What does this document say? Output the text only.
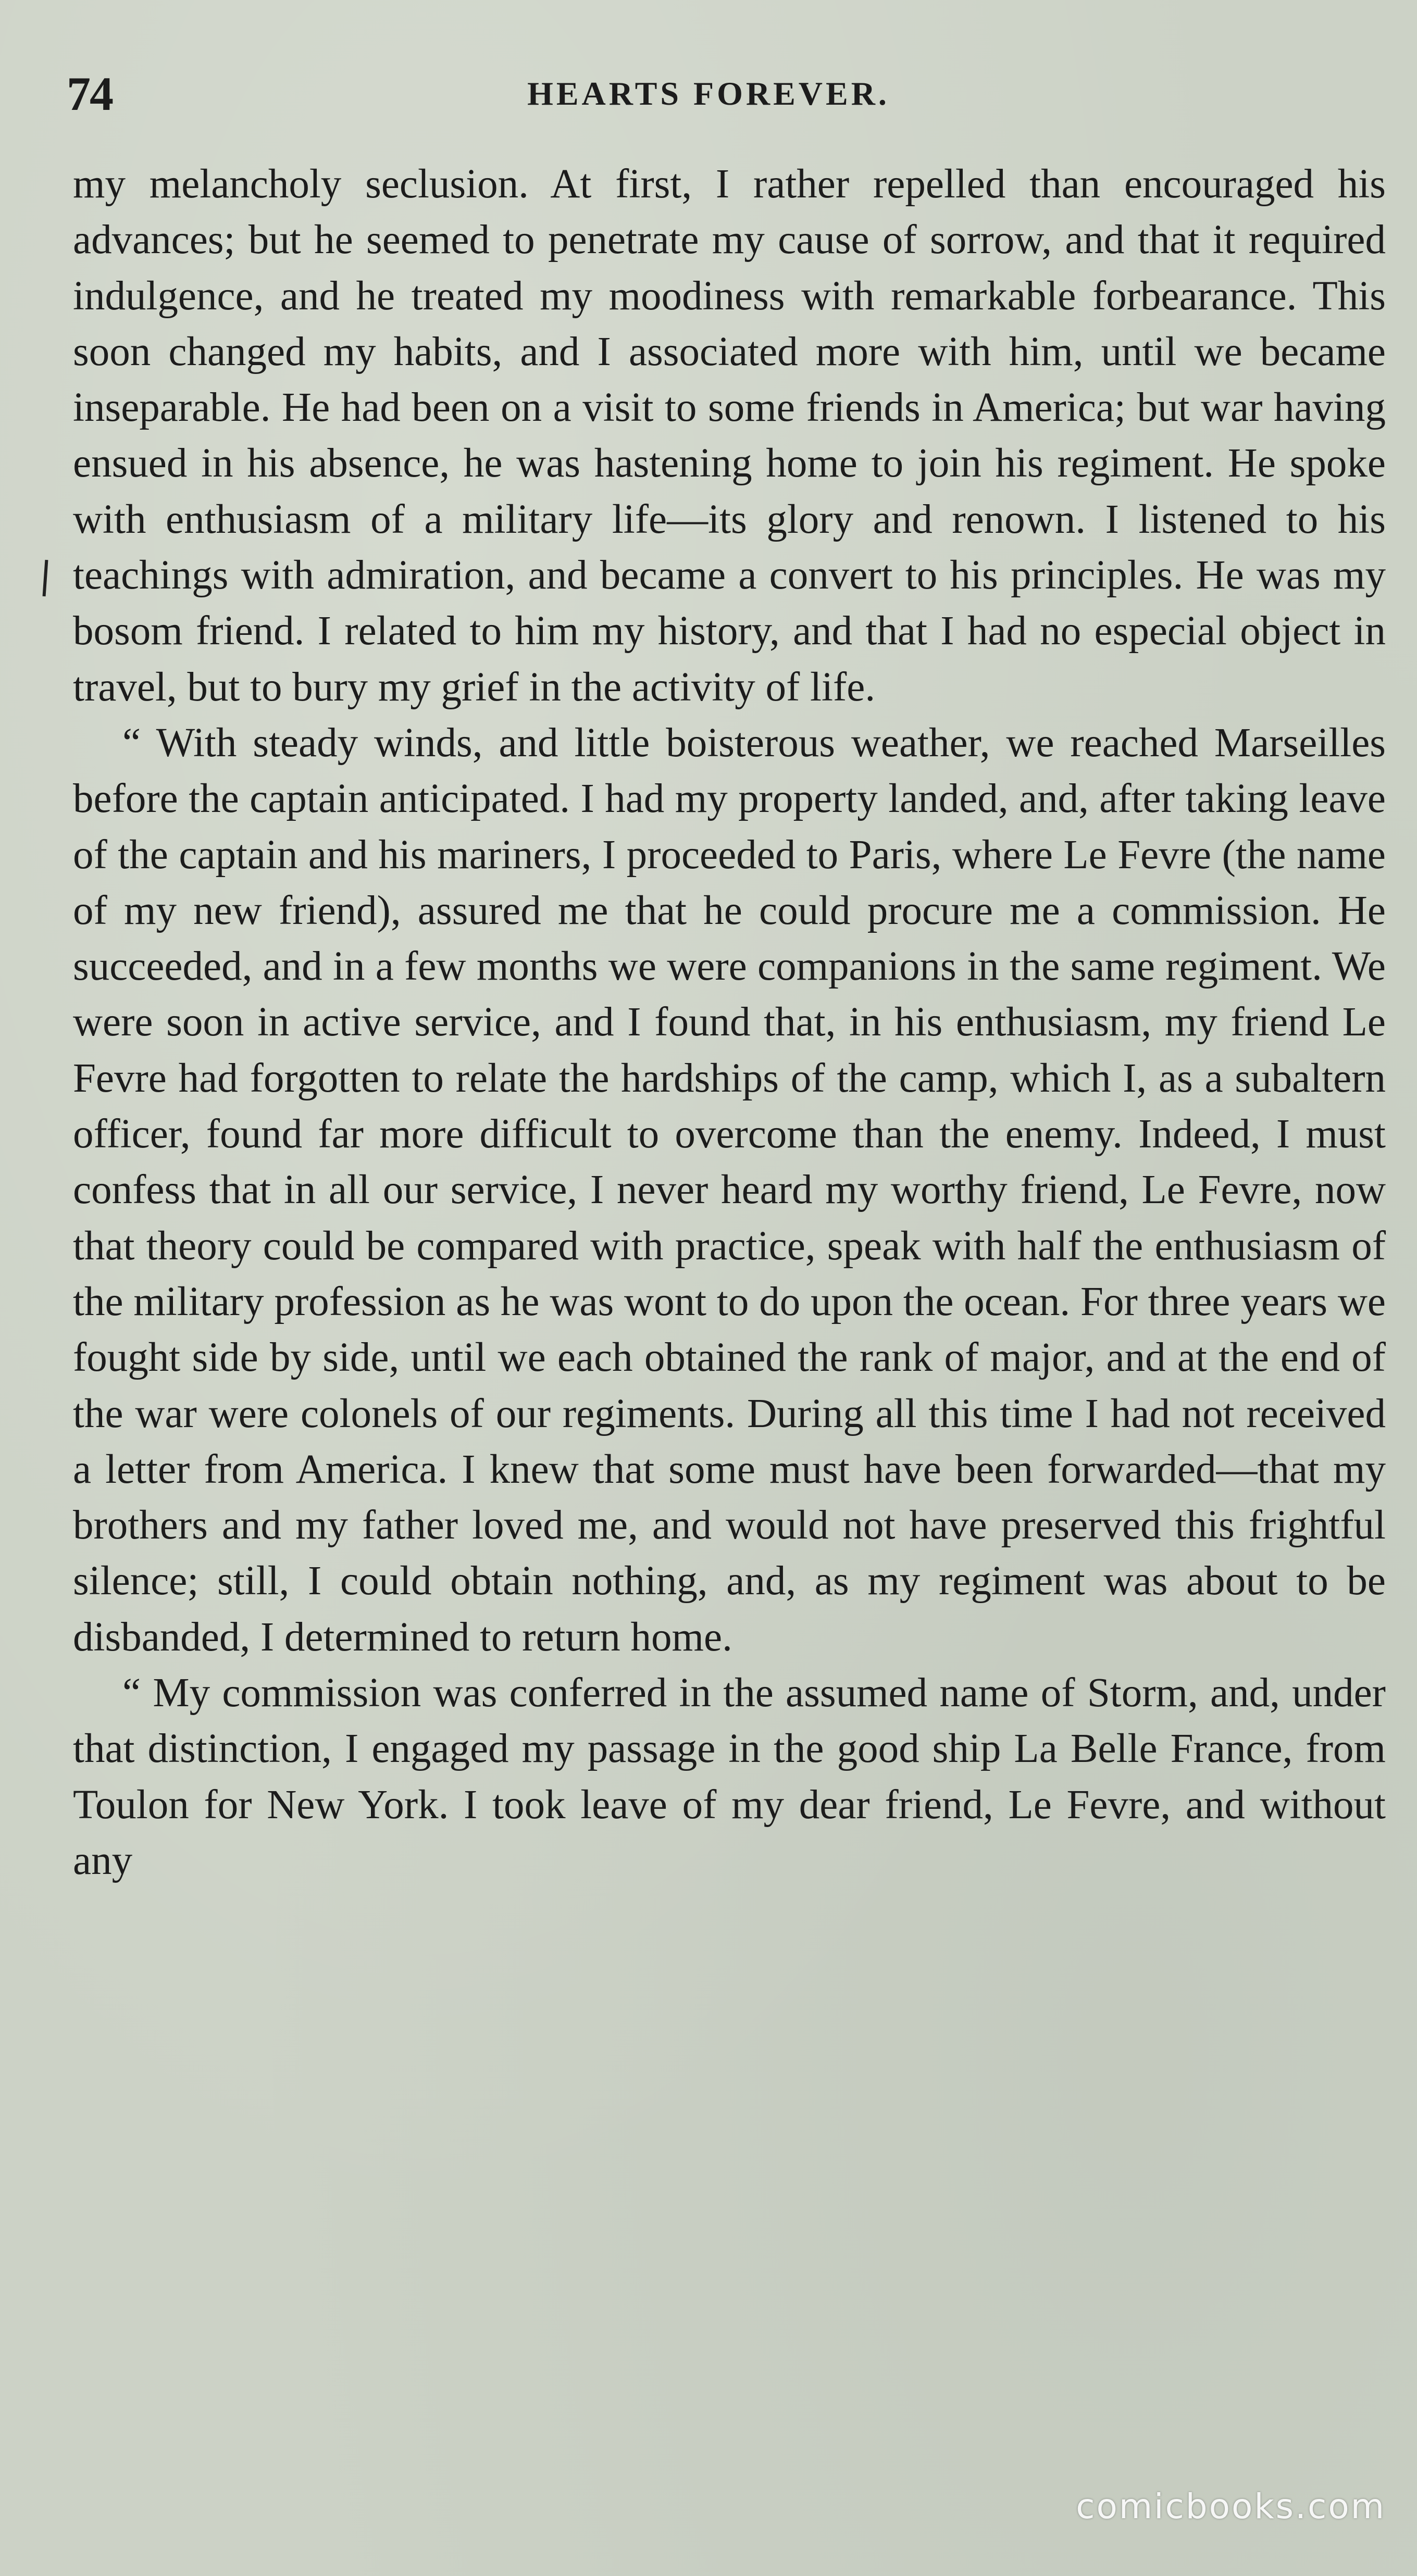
74	HEARTS FOREVER.

my melancholy seclusion. At first, I rather repelled than encouraged his advances; but he seemed to penetrate my cause of sorrow, and that it required indulgence, and he treated my moodiness with remarkable forbearance. This soon changed my habits, and I associated more with him, until we became inseparable. He had been on a visit to some friends in America; but war having ensued in his absence, he was hastening home to join his regiment. He spoke with enthusiasm of a military life—its glory and renown. I listened to his teachings with admiration, and became a convert to his principles. He was my bosom friend. I related to him my history, and that I had no especial object in travel, but to bury my grief in the activity of life.

“ With steady winds, and little boisterous weather, we reached Marseilles before the captain anticipated. I had my property landed, and, after taking leave of the captain and his mariners, I proceeded to Paris, where Le Fevre (the name of my new friend), assured me that he could procure me a commission. He succeeded, and in a few months we were companions in the same regiment. We were soon in active service, and I found that, in his enthusiasm, my friend Le Fevre had forgotten to relate the hardships of the camp, which I, as a subaltern officer, found far more difficult to overcome than the enemy. Indeed, I must confess that in all our service, I never heard my worthy friend, Le Fevre, now that theory could be compared with practice, speak with half the enthusiasm of the military profession as he was wont to do upon the ocean. For three years we fought side by side, until we each obtained the rank of major, and at the end of the war were colonels of our regiments. During all this time I had not received a letter from America. I knew that some must have been forwarded—that my brothers and my father loved me, and would not have preserved this frightful silence; still, I could obtain nothing, and, as my regiment was about to be disbanded, I determined to return home.

“ My commission was conferred in the assumed name of Storm, and, under that distinction, I engaged my passage in the good ship La Belle France, from Toulon for New York. I took leave of my dear friend, Le Fevre, and without any

comicbooks.com
